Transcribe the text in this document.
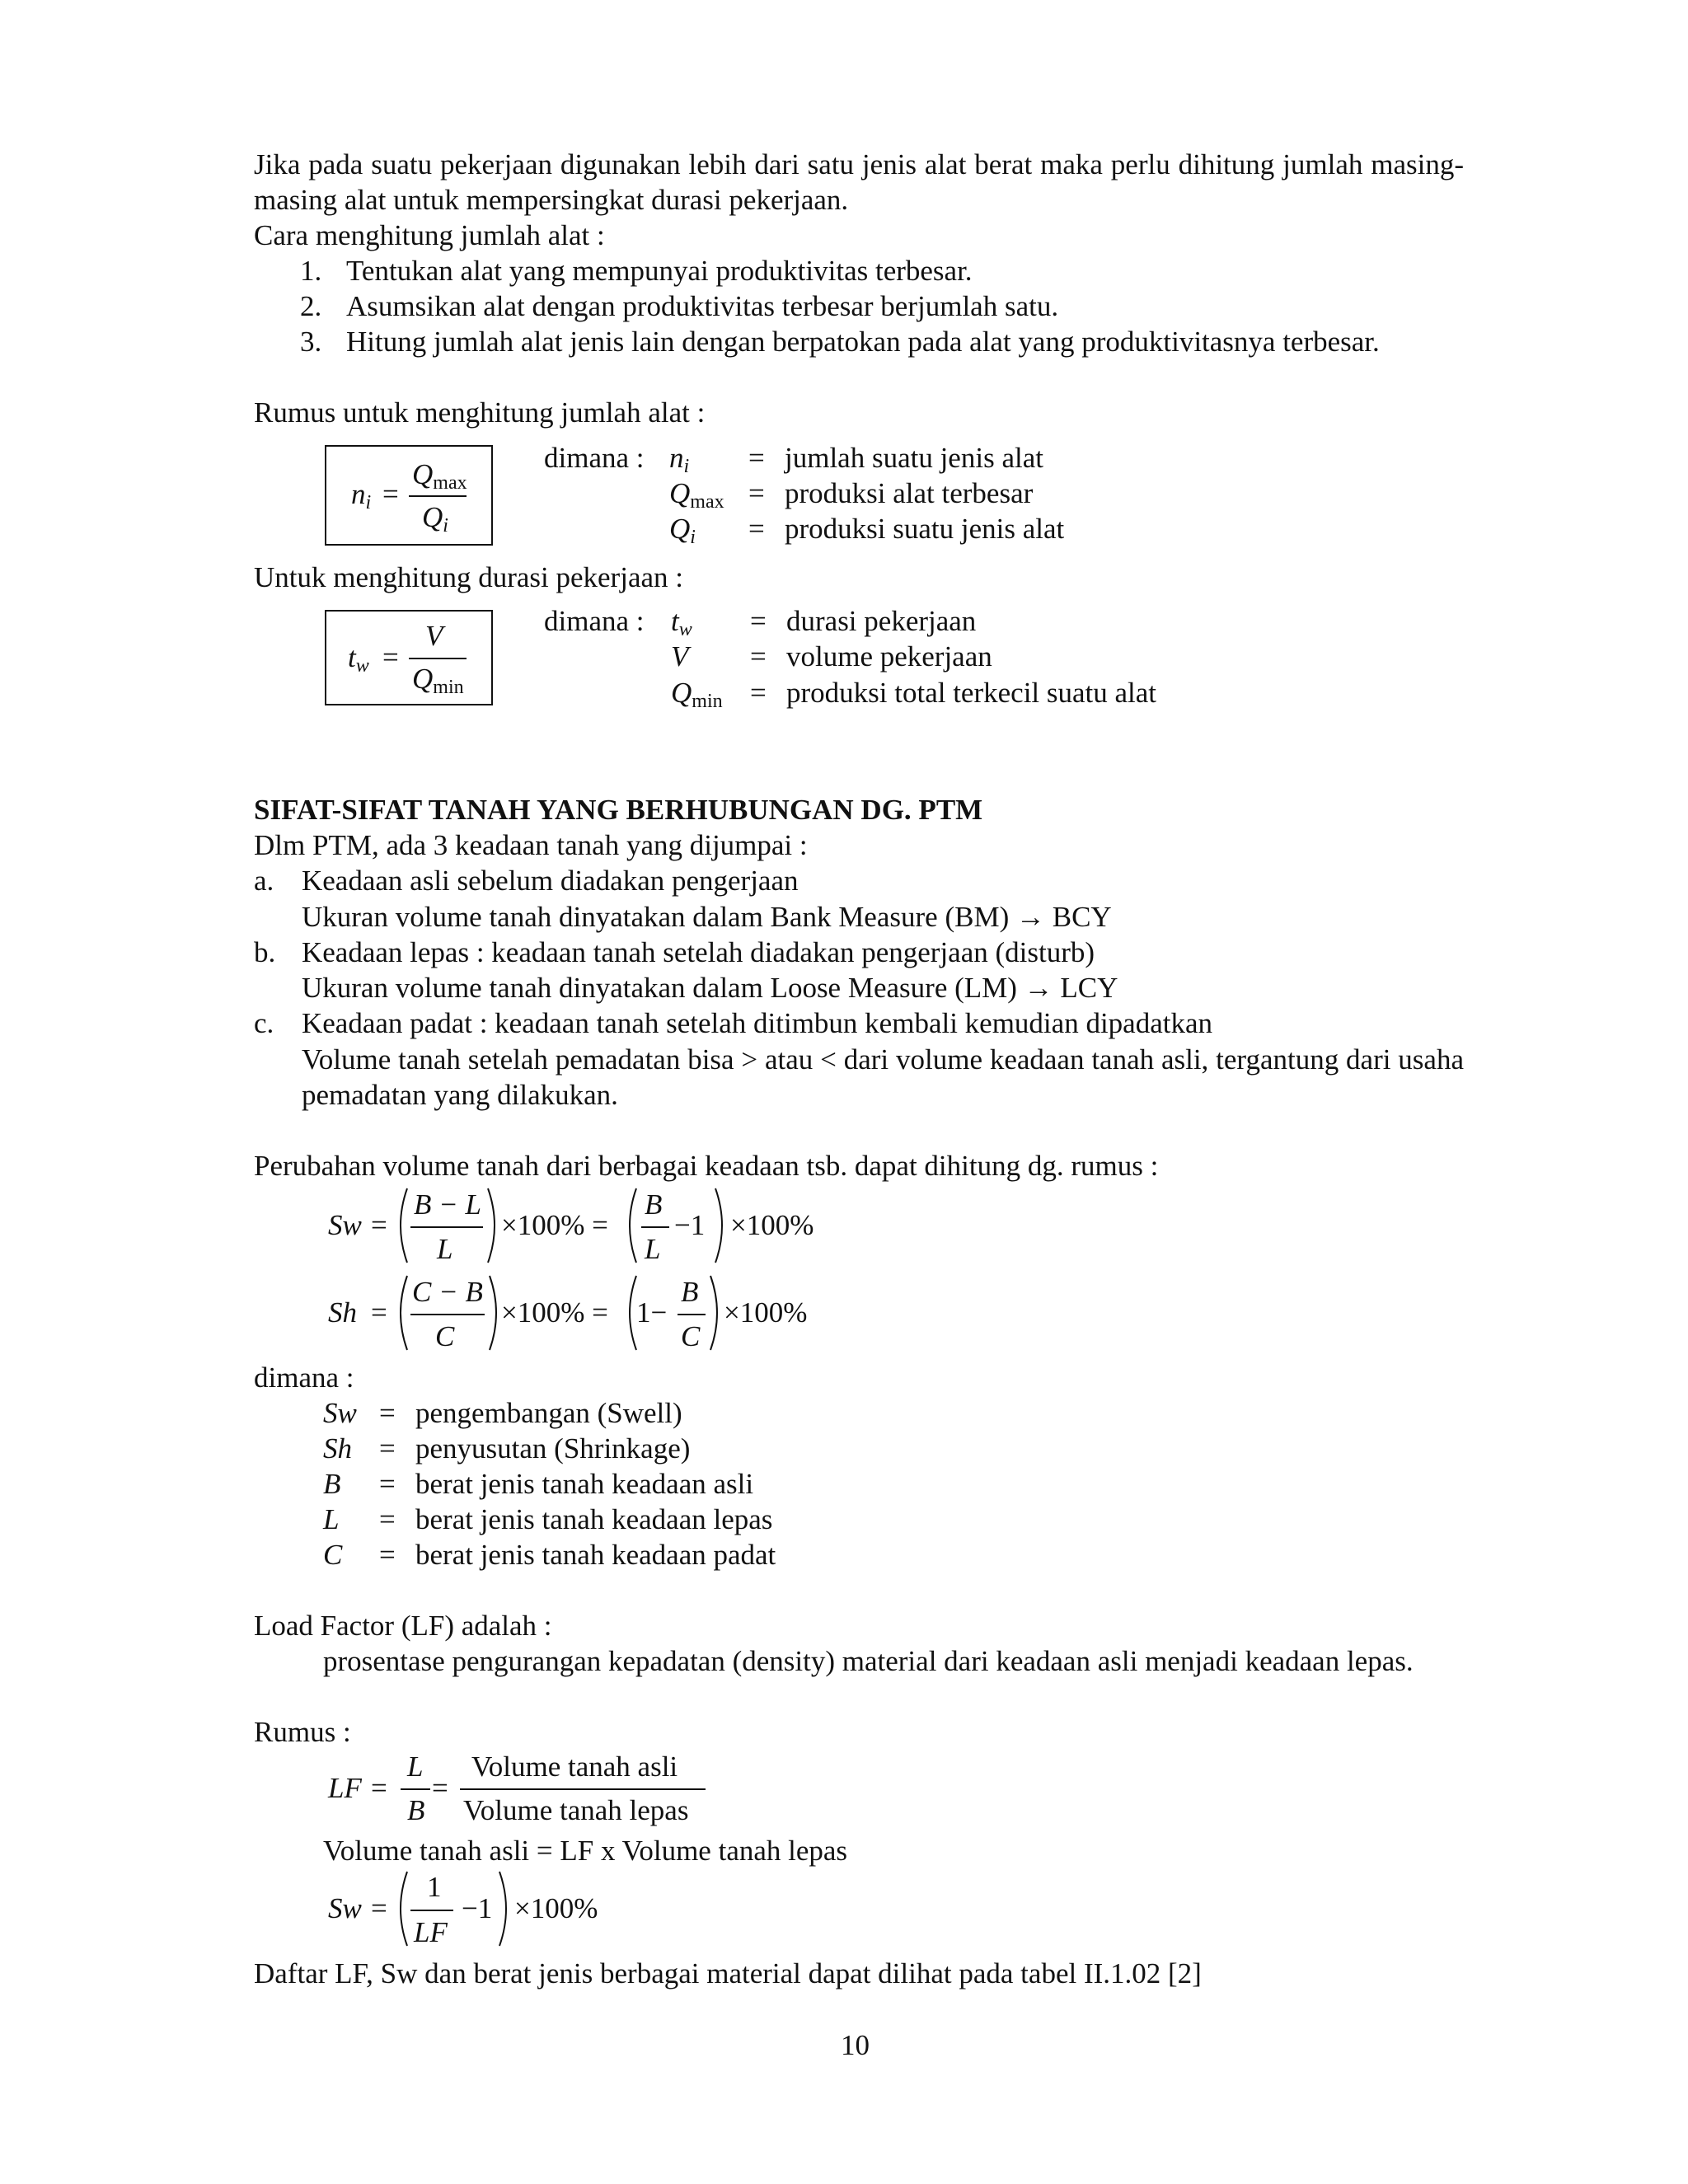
Jika pada suatu pekerjaan digunakan lebih dari satu jenis alat berat maka perlu dihitung jumlah masing-masing alat untuk mempersingkat durasi pekerjaan.
Cara menghitung jumlah alat :
1. Tentukan alat yang mempunyai produktivitas terbesar.
2. Asumsikan alat dengan produktivitas terbesar berjumlah satu.
3. Hitung jumlah alat jenis lain dengan berpatokan pada alat yang produktivitasnya terbesar.
Rumus untuk menghitung jumlah alat :
$n_i$ =
$Q_{max}$
$Q_i$
dimana : $n_i$ = jumlah suatu jenis alat
$Q_{max}$ = produksi alat terbesar
$Q_i$ = produksi suatu jenis alat
Untuk menghitung durasi pekerjaan :
$t_w$ =
V
$Q_{min}$
dimana : $t_w$ = durasi pekerjaan
V = volume pekerjaan
$Q_{min}$ = produksi total terkecil suatu alat
SIFAT-SIFAT TANAH YANG BERHUBUNGAN DG. PTM
Dlm PTM, ada 3 keadaan tanah yang dijumpai :
a. Keadaan asli sebelum diadakan pengerjaan
Ukuran volume tanah dinyatakan dalam Bank Measure (BM) → BCY
b. Keadaan lepas : keadaan tanah setelah diadakan pengerjaan (disturb)
Ukuran volume tanah dinyatakan dalam Loose Measure (LM) → LCY
c. Keadaan padat : keadaan tanah setelah ditimbun kembali kemudian dipadatkan
Volume tanah setelah pemadatan bisa > atau < dari volume keadaan tanah asli, tergantung dari usaha pemadatan yang dilakukan.
Perubahan volume tanah dari berbagai keadaan tsb. dapat dihitung dg. rumus :
Sw =
B − L
L
×100% =
B
L
−1 ×100%
Sh =
C − B
C
×100% = 1−
B
C
×100%
dimana :
Sw = pengembangan (Swell)
Sh = penyusutan (Shrinkage)
B = berat jenis tanah keadaan asli
L = berat jenis tanah keadaan lepas
C = berat jenis tanah keadaan padat
Load Factor (LF) adalah :
prosentase pengurangan kepadatan (density) material dari keadaan asli menjadi keadaan lepas.
Rumus :
LF =
L
B
=
Volume tanah asli
Volume tanah lepas
Volume tanah asli = LF x Volume tanah lepas
Sw =
1
LF
−1 ×100%
Daftar LF, Sw dan berat jenis berbagai material dapat dilihat pada tabel II.1.02 [2]
10
